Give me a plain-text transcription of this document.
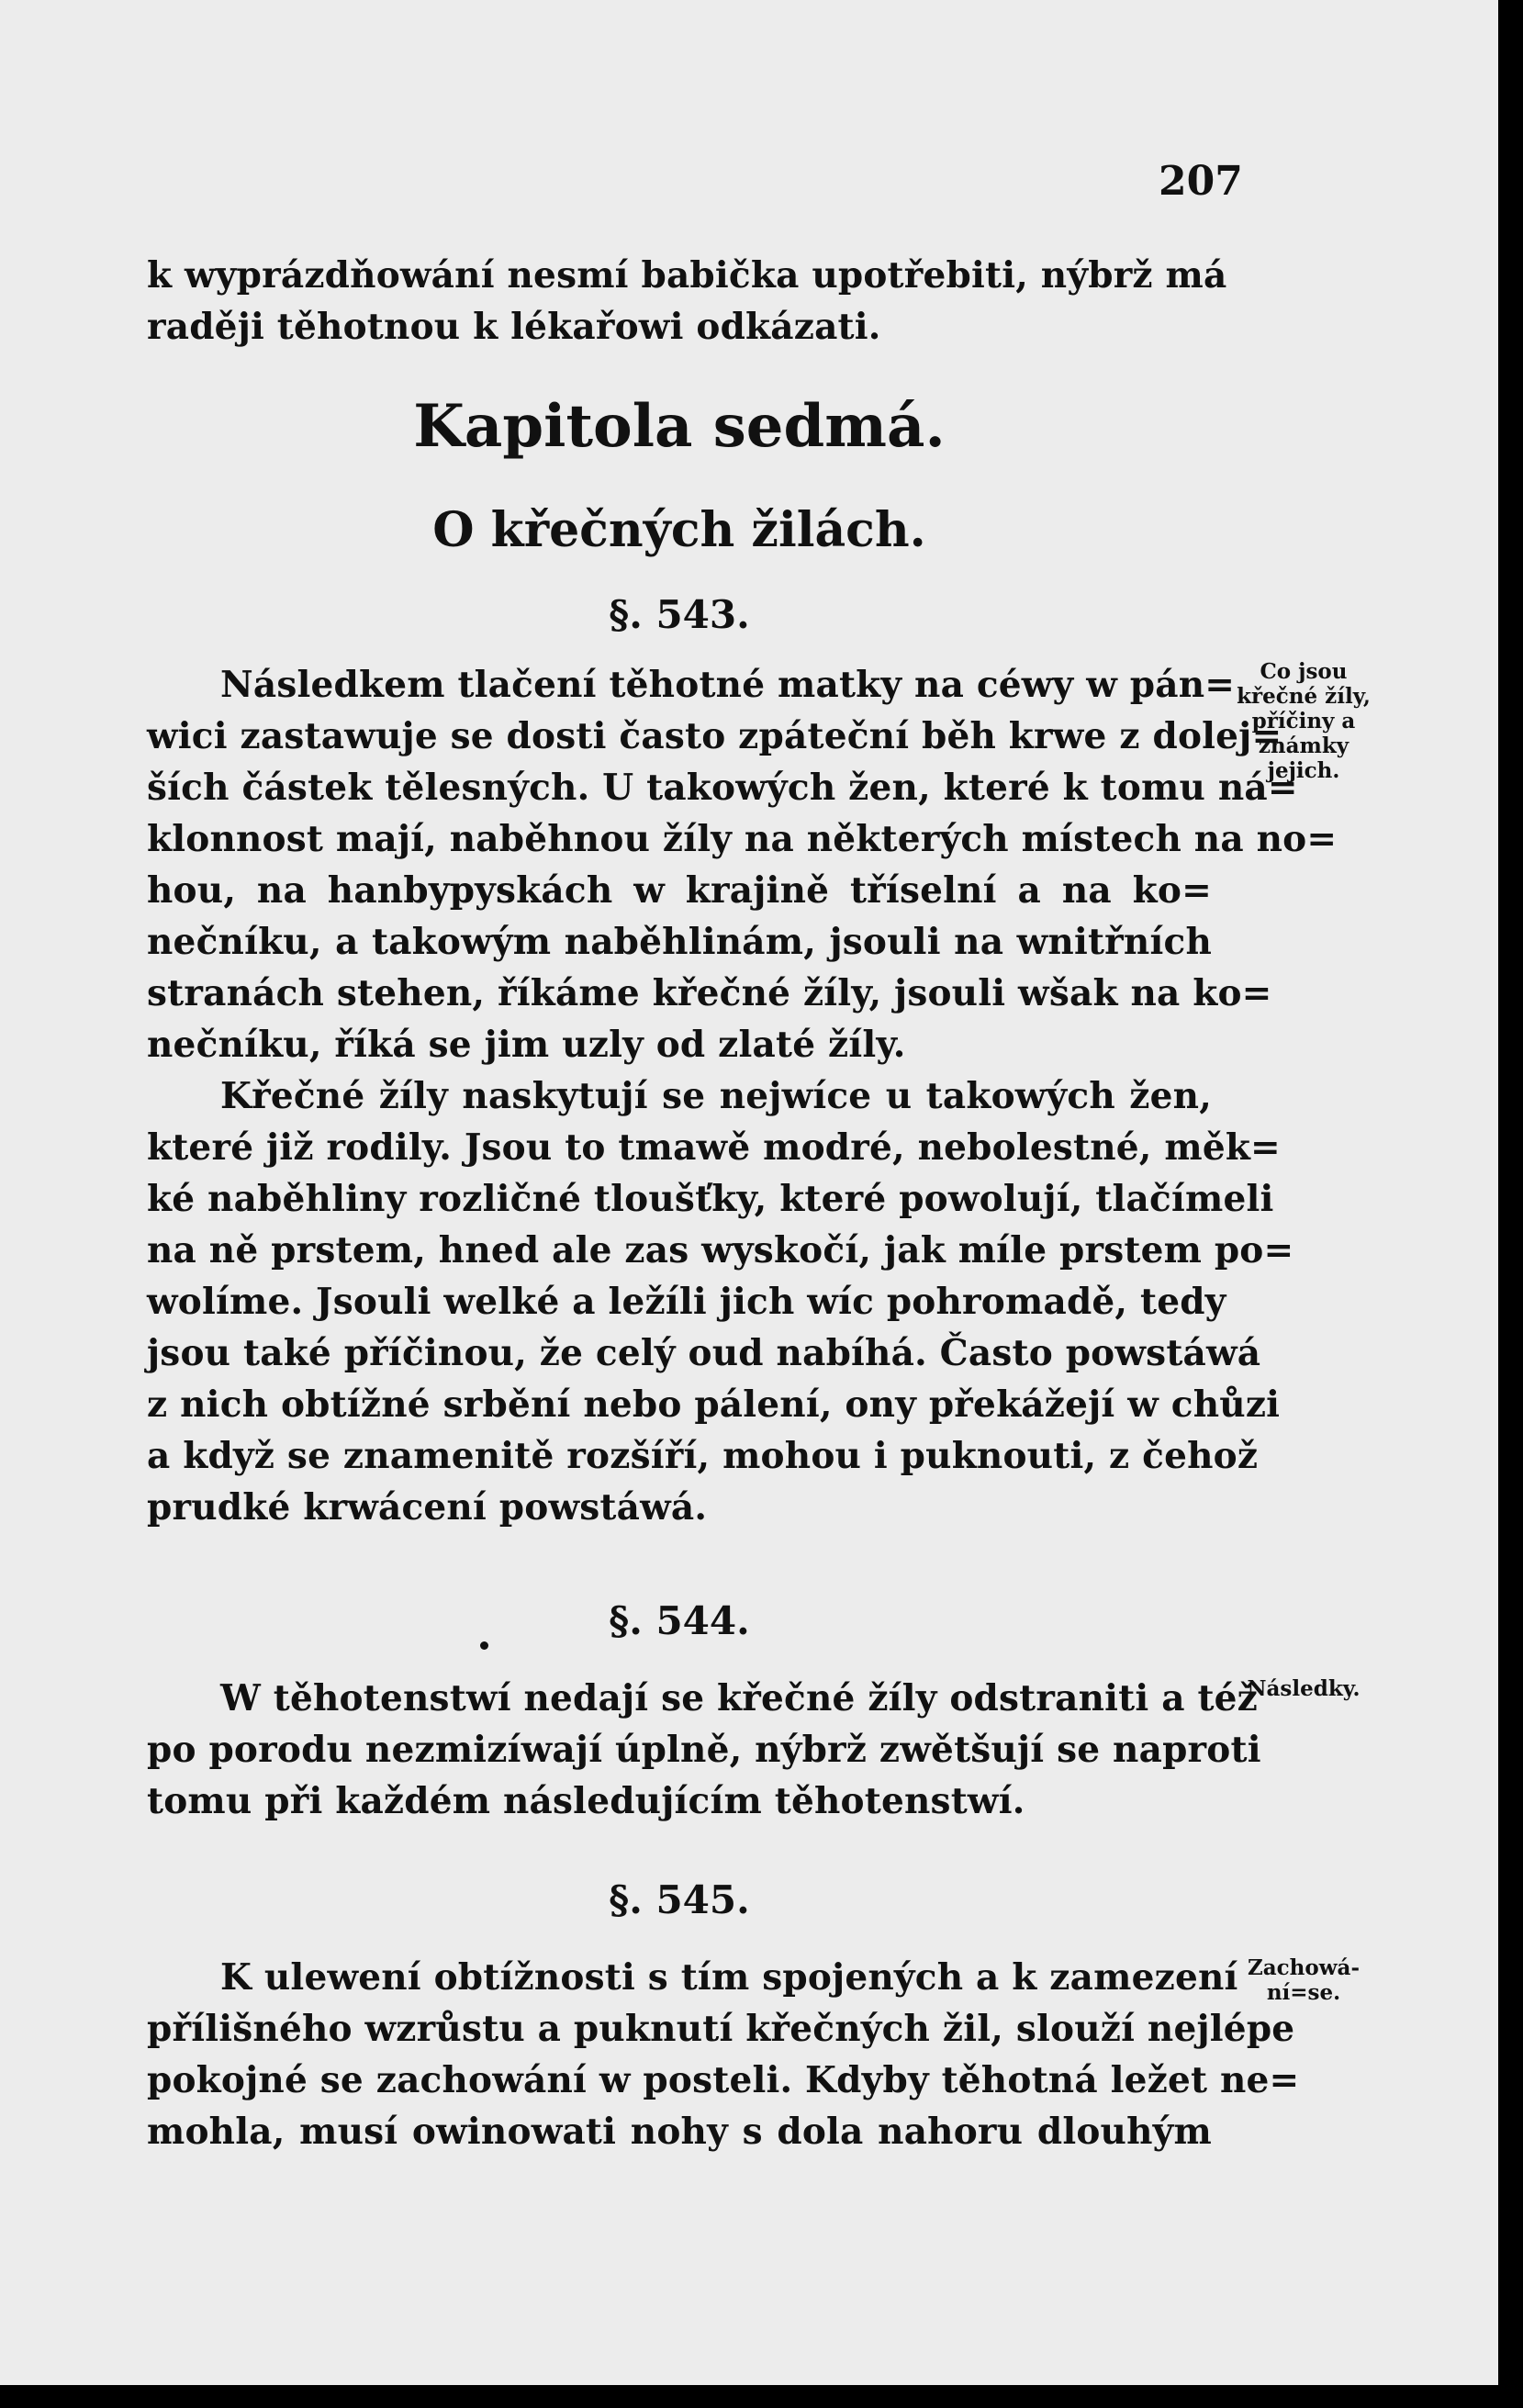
207
k wyprázdňowání nesmí babička upotřebiti, nýbrž má
raději těhotnou k lékařowi odkázati.
Kapitola sedmá.
O křečných žilách.
§. 543.
Následkem tlačení těhotné matky na céwy w pán=
wici zastawuje se dosti často zpáteční běh krwe z dolej=
ších částek tělesných. U takowých žen, které k tomu ná=
klonnost mají, naběhnou žíly na některých místech na no=
hou, na hanbypyskách w krajině tříselní a na ko=
nečníku, a takowým naběhlinám, jsouli na wnitřních
stranách stehen, říkáme křečné žíly, jsouli wšak na ko=
nečníku, říká se jim uzly od zlaté žíly.
Křečné žíly naskytují se nejwíce u takowých žen,
které již rodily. Jsou to tmawě modré, nebolestné, měk=
ké naběhliny rozličné tloušťky, které powolují, tlačímeli
na ně prstem, hned ale zas wyskočí, jak míle prstem po=
wolíme. Jsouli welké a ležíli jich wíc pohromadě, tedy
jsou také příčinou, že celý oud nabíhá. Často powstáwá
z nich obtížné srbění nebo pálení, ony překážejí w chůzi
a když se znamenitě rozšíří, mohou i puknouti, z čehož
prudké krwácení powstáwá.
Co jsou
křečné žíly,
příčiny a
známky
jejich.
§. 544.
W těhotenstwí nedají se křečné žíly odstraniti a též
po porodu nezmizíwají úplně, nýbrž zwětšují se naproti
tomu při každém následujícím těhotenstwí.
Následky.
§. 545.
K ulewení obtížnosti s tím spojených a k zamezení
přílišného wzrůstu a puknutí křečných žil, slouží nejlépe
pokojné se zachowání w posteli. Kdyby těhotná ležet ne=
mohla, musí owinowati nohy s dola nahoru dlouhým
Zachowá-
ní=se.
